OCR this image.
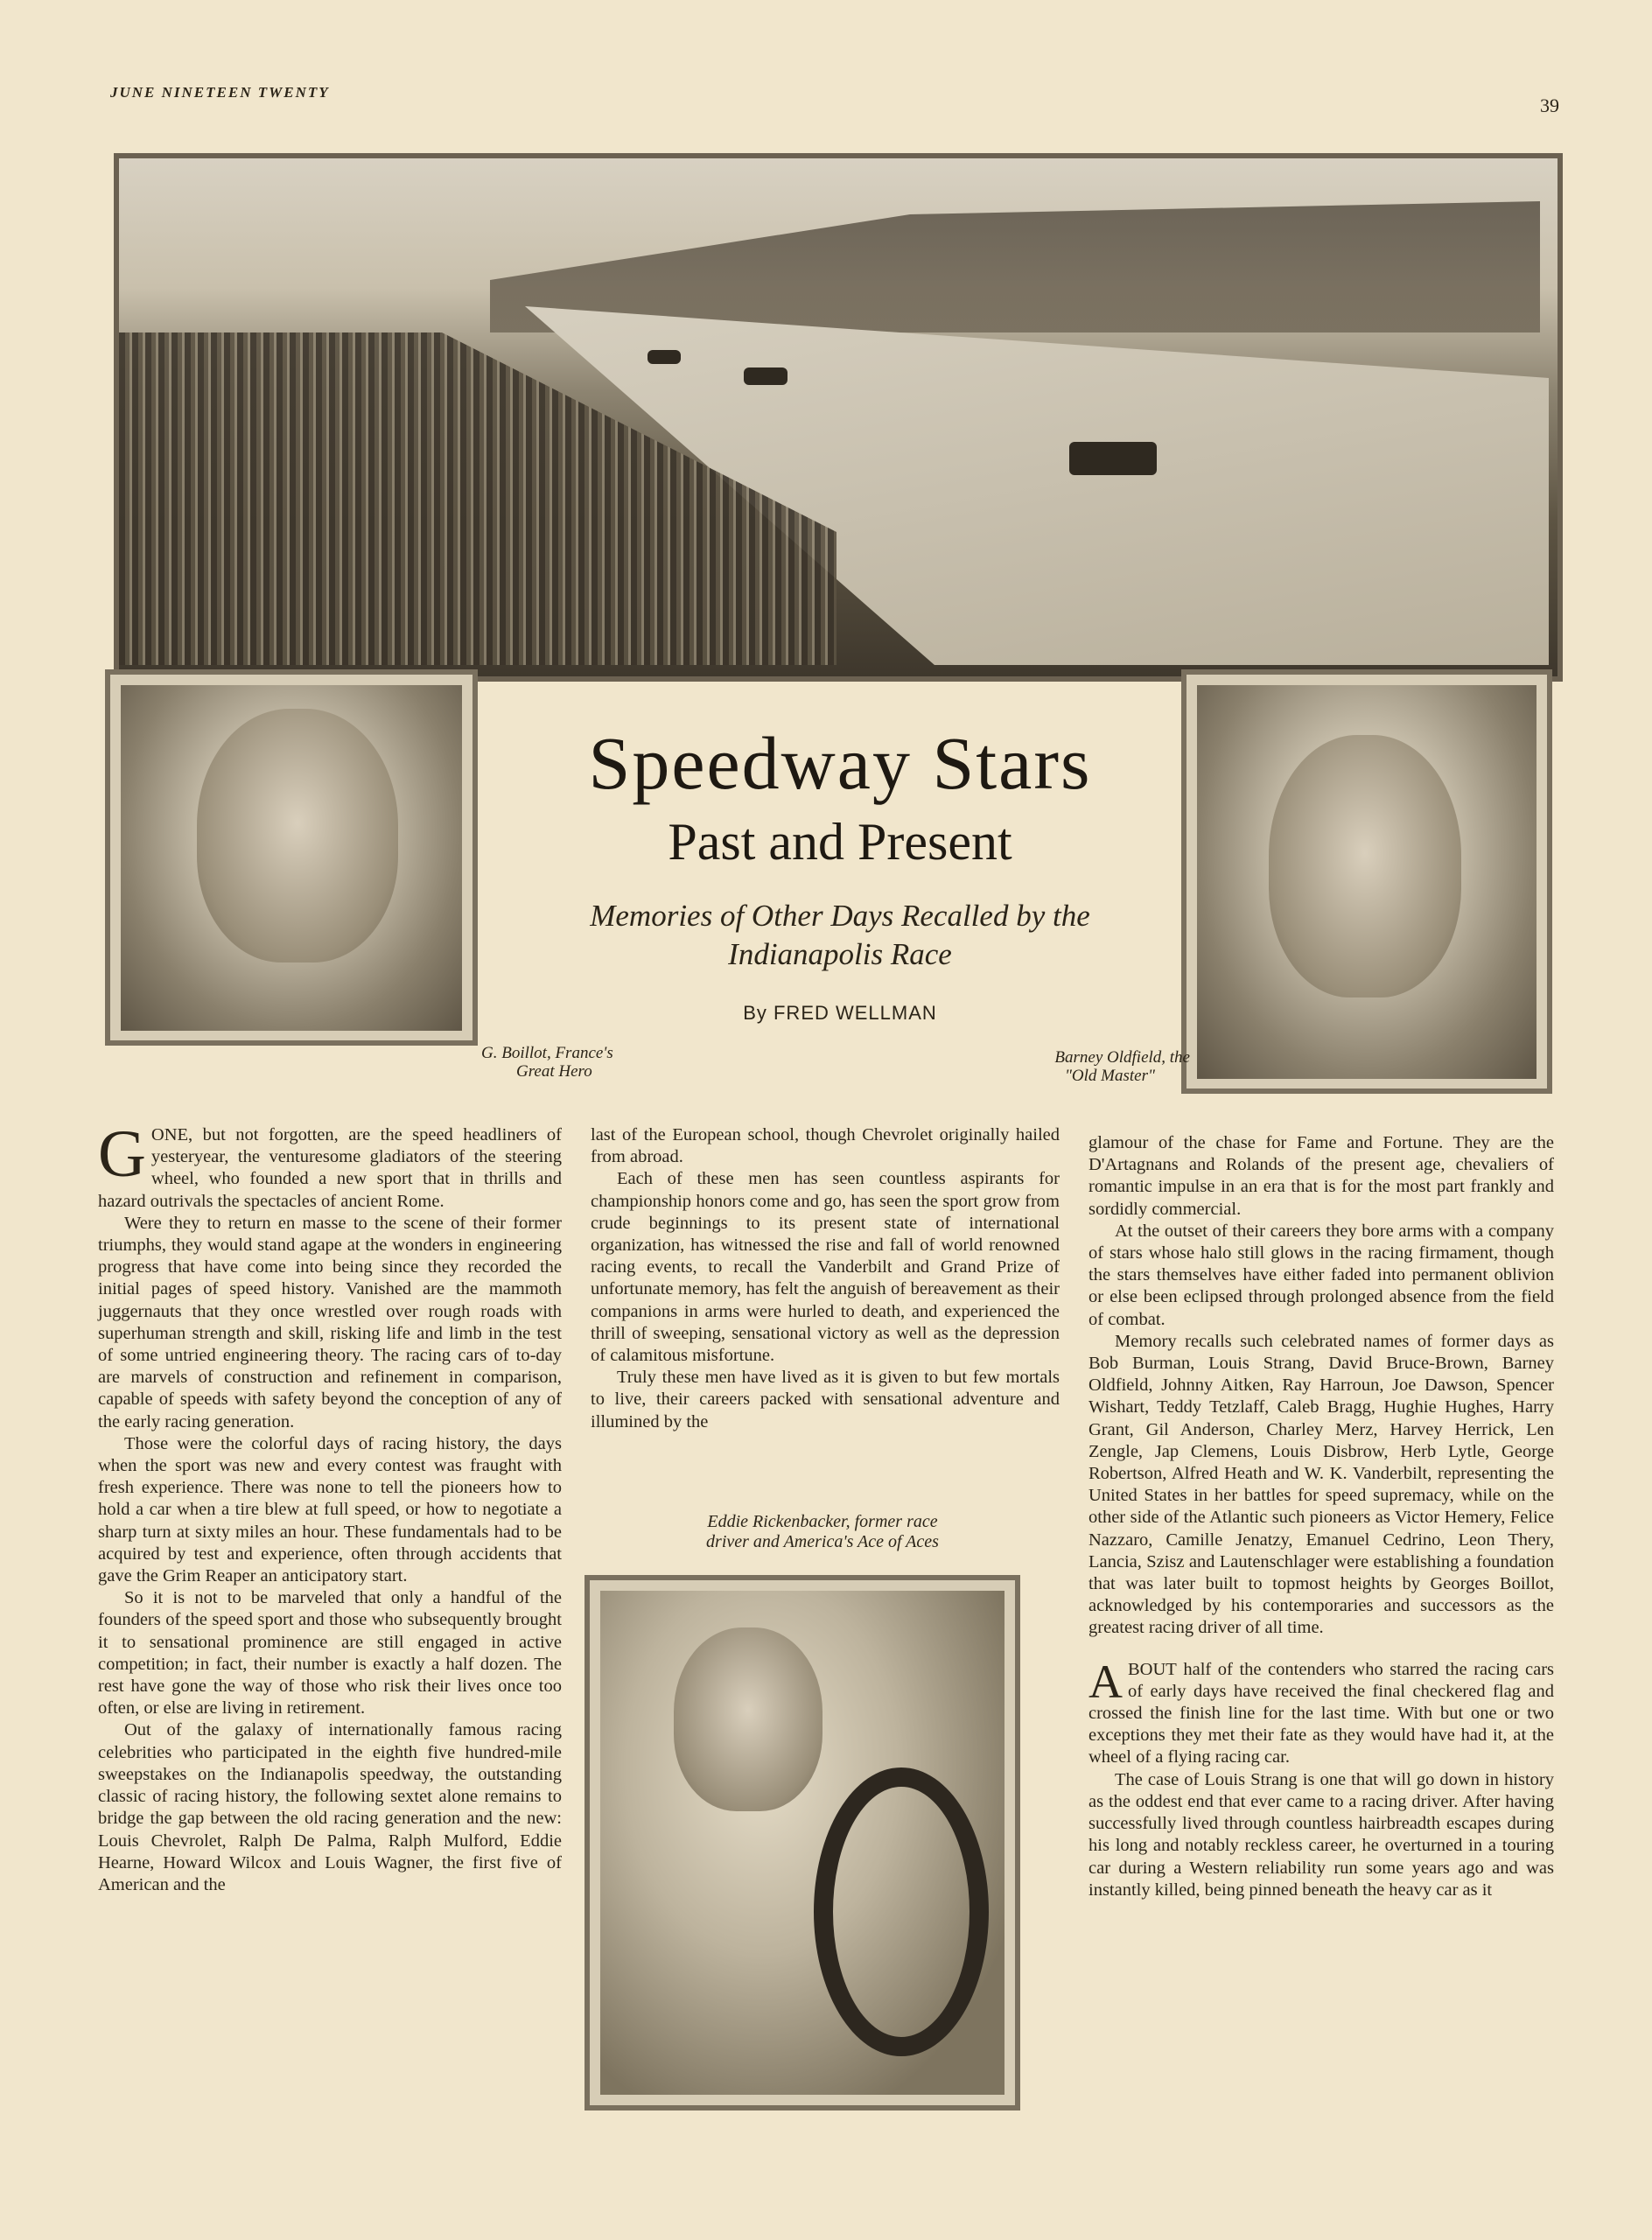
JUNE NINETEEN TWENTY
39
Speedway Stars
Past and Present
Memories of Other Days Recalled by the
Indianapolis Race
By FRED WELLMAN
G. Boillot, France's
Great Hero
Barney Oldfield, the
"Old Master"

GONE, but not forgotten, are the speed headliners of yesteryear, the venturesome gladiators of the steering wheel, who founded a new sport that in thrills and hazard outrivals the spectacles of ancient Rome.

Were they to return en masse to the scene of their former triumphs, they would stand agape at the wonders in engineering progress that have come into being since they recorded the initial pages of speed history. Vanished are the mammoth juggernauts that they once wrestled over rough roads with superhuman strength and skill, risking life and limb in the test of some untried engineering theory. The racing cars of to-day are marvels of construction and refinement in comparison, capable of speeds with safety beyond the conception of any of the early racing generation.

Those were the colorful days of racing history, the days when the sport was new and every contest was fraught with fresh experience. There was none to tell the pioneers how to hold a car when a tire blew at full speed, or how to negotiate a sharp turn at sixty miles an hour. These fundamentals had to be acquired by test and experience, often through accidents that gave the Grim Reaper an anticipatory start.

So it is not to be marveled that only a handful of the founders of the speed sport and those who subsequently brought it to sensational prominence are still engaged in active competition; in fact, their number is exactly a half dozen. The rest have gone the way of those who risk their lives once too often, or else are living in retirement.

Out of the galaxy of internationally famous racing celebrities who participated in the eighth five hundred-mile sweepstakes on the Indianapolis speedway, the outstanding classic of racing history, the following sextet alone remains to bridge the gap between the old racing generation and the new: Louis Chevrolet, Ralph De Palma, Ralph Mulford, Eddie Hearne, Howard Wilcox and Louis Wagner, the first five of American and the

last of the European school, though Chevrolet originally hailed from abroad.

Each of these men has seen countless aspirants for championship honors come and go, has seen the sport grow from crude beginnings to its present state of international organization, has witnessed the rise and fall of world renowned racing events, to recall the Vanderbilt and Grand Prize of unfortunate memory, has felt the anguish of bereavement as their companions in arms were hurled to death, and experienced the thrill of sweeping, sensational victory as well as the depression of calamitous misfortune.

Truly these men have lived as it is given to but few mortals to live, their careers packed with sensational adventure and illumined by the

Eddie Rickenbacker, former race
driver and America's Ace of Aces

glamour of the chase for Fame and Fortune. They are the D'Artagnans and Rolands of the present age, chevaliers of romantic impulse in an era that is for the most part frankly and sordidly commercial.

At the outset of their careers they bore arms with a company of stars whose halo still glows in the racing firmament, though the stars themselves have either faded into permanent oblivion or else been eclipsed through prolonged absence from the field of combat.

Memory recalls such celebrated names of former days as Bob Burman, Louis Strang, David Bruce-Brown, Barney Oldfield, Johnny Aitken, Ray Harroun, Joe Dawson, Spencer Wishart, Teddy Tetzlaff, Caleb Bragg, Hughie Hughes, Harry Grant, Gil Anderson, Charley Merz, Harvey Herrick, Len Zengle, Jap Clemens, Louis Disbrow, Herb Lytle, George Robertson, Alfred Heath and W. K. Vanderbilt, representing the United States in her battles for speed supremacy, while on the other side of the Atlantic such pioneers as Victor Hemery, Felice Nazzaro, Camille Jenatzy, Emanuel Cedrino, Leon Thery, Lancia, Szisz and Lautenschlager were establishing a foundation that was later built to topmost heights by Georges Boillot, acknowledged by his contemporaries and successors as the greatest racing driver of all time.

ABOUT half of the contenders who starred the racing cars of early days have received the final checkered flag and crossed the finish line for the last time. With but one or two exceptions they met their fate as they would have had it, at the wheel of a flying racing car.

The case of Louis Strang is one that will go down in history as the oddest end that ever came to a racing driver. After having successfully lived through countless hairbreadth escapes during his long and notably reckless career, he overturned in a touring car during a Western reliability run some years ago and was instantly killed, being pinned beneath the heavy car as it
